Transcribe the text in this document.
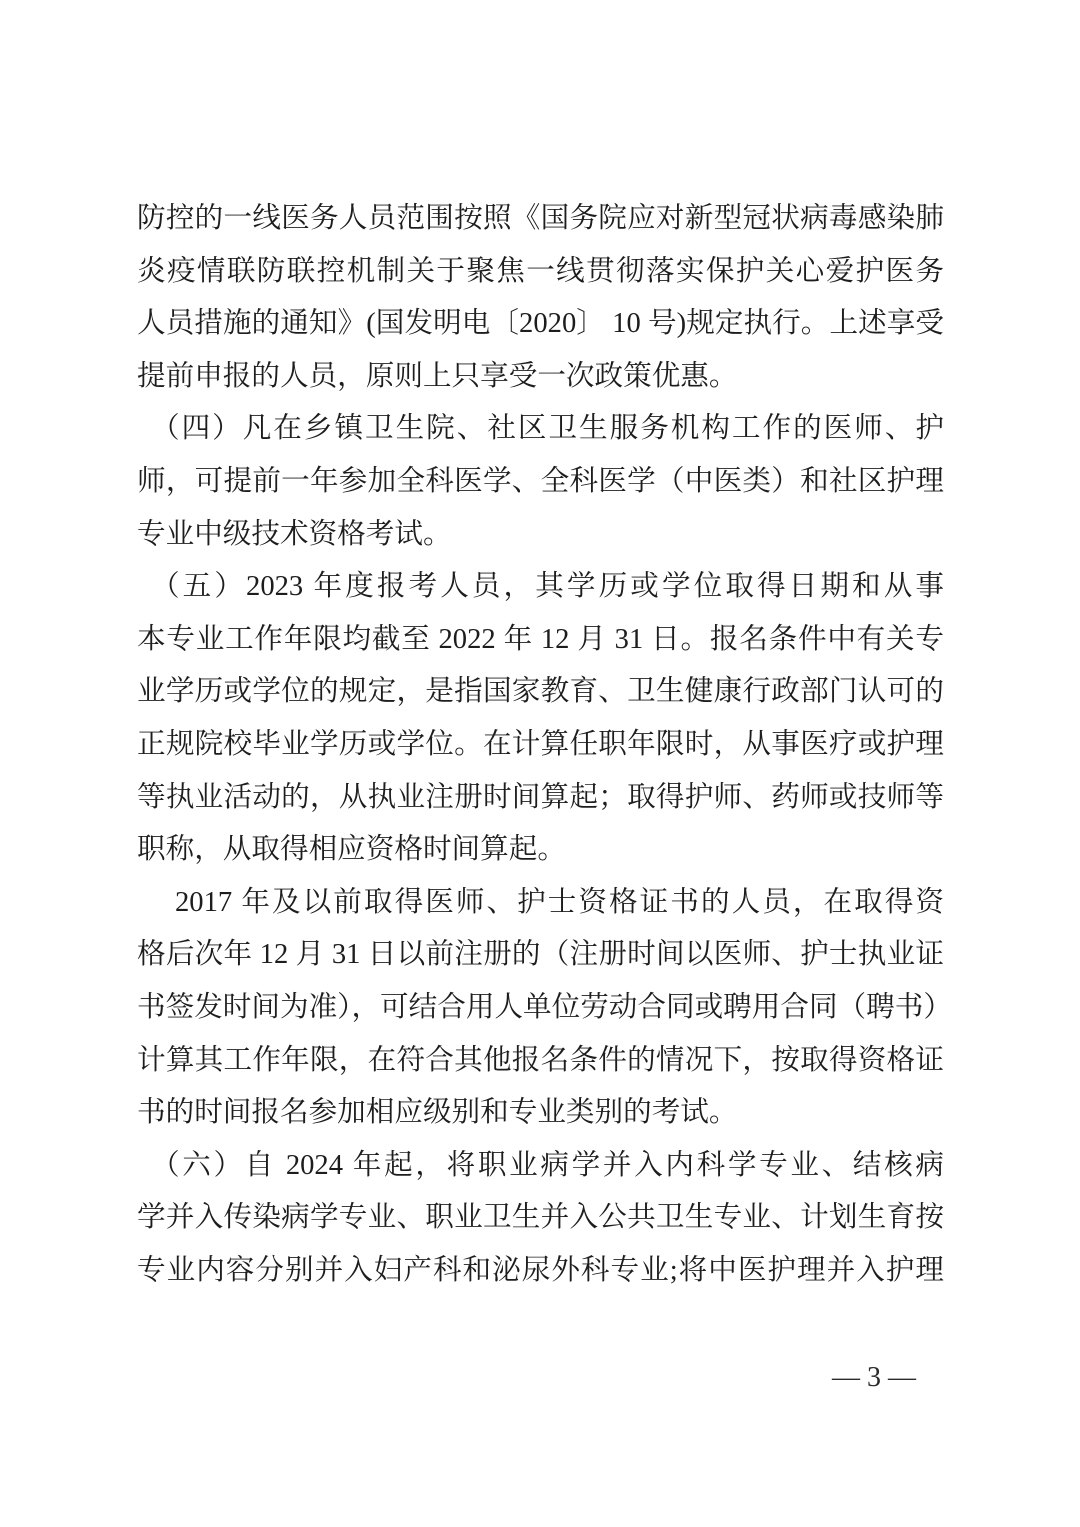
防控的一线医务人员范围按照《国务院应对新型冠状病毒感染肺
炎疫情联防联控机制关于聚焦一线贯彻落实保护关心爱护医务
人员措施的通知》(国发明电〔2020〕 10 号)规定执行。上述享受
提前申报的人员，原则上只享受一次政策优惠。
（四）凡在乡镇卫生院、社区卫生服务机构工作的医师、护
师，可提前一年参加全科医学、全科医学（中医类）和社区护理
专业中级技术资格考试。
（五）2023 年度报考人员，其学历或学位取得日期和从事
本专业工作年限均截至 2022 年 12 月 31 日。报名条件中有关专
业学历或学位的规定，是指国家教育、卫生健康行政部门认可的
正规院校毕业学历或学位。在计算任职年限时，从事医疗或护理
等执业活动的，从执业注册时间算起；取得护师、药师或技师等
职称，从取得相应资格时间算起。
2017 年及以前取得医师、护士资格证书的人员，在取得资
格后次年 12 月 31 日以前注册的（注册时间以医师、护士执业证
书签发时间为准），可结合用人单位劳动合同或聘用合同（聘书）
计算其工作年限，在符合其他报名条件的情况下，按取得资格证
书的时间报名参加相应级别和专业类别的考试。
（六）自 2024 年起，将职业病学并入内科学专业、结核病
学并入传染病学专业、职业卫生并入公共卫生专业、计划生育按
专业内容分别并入妇产科和泌尿外科专业;将中医护理并入护理
— 3 —
